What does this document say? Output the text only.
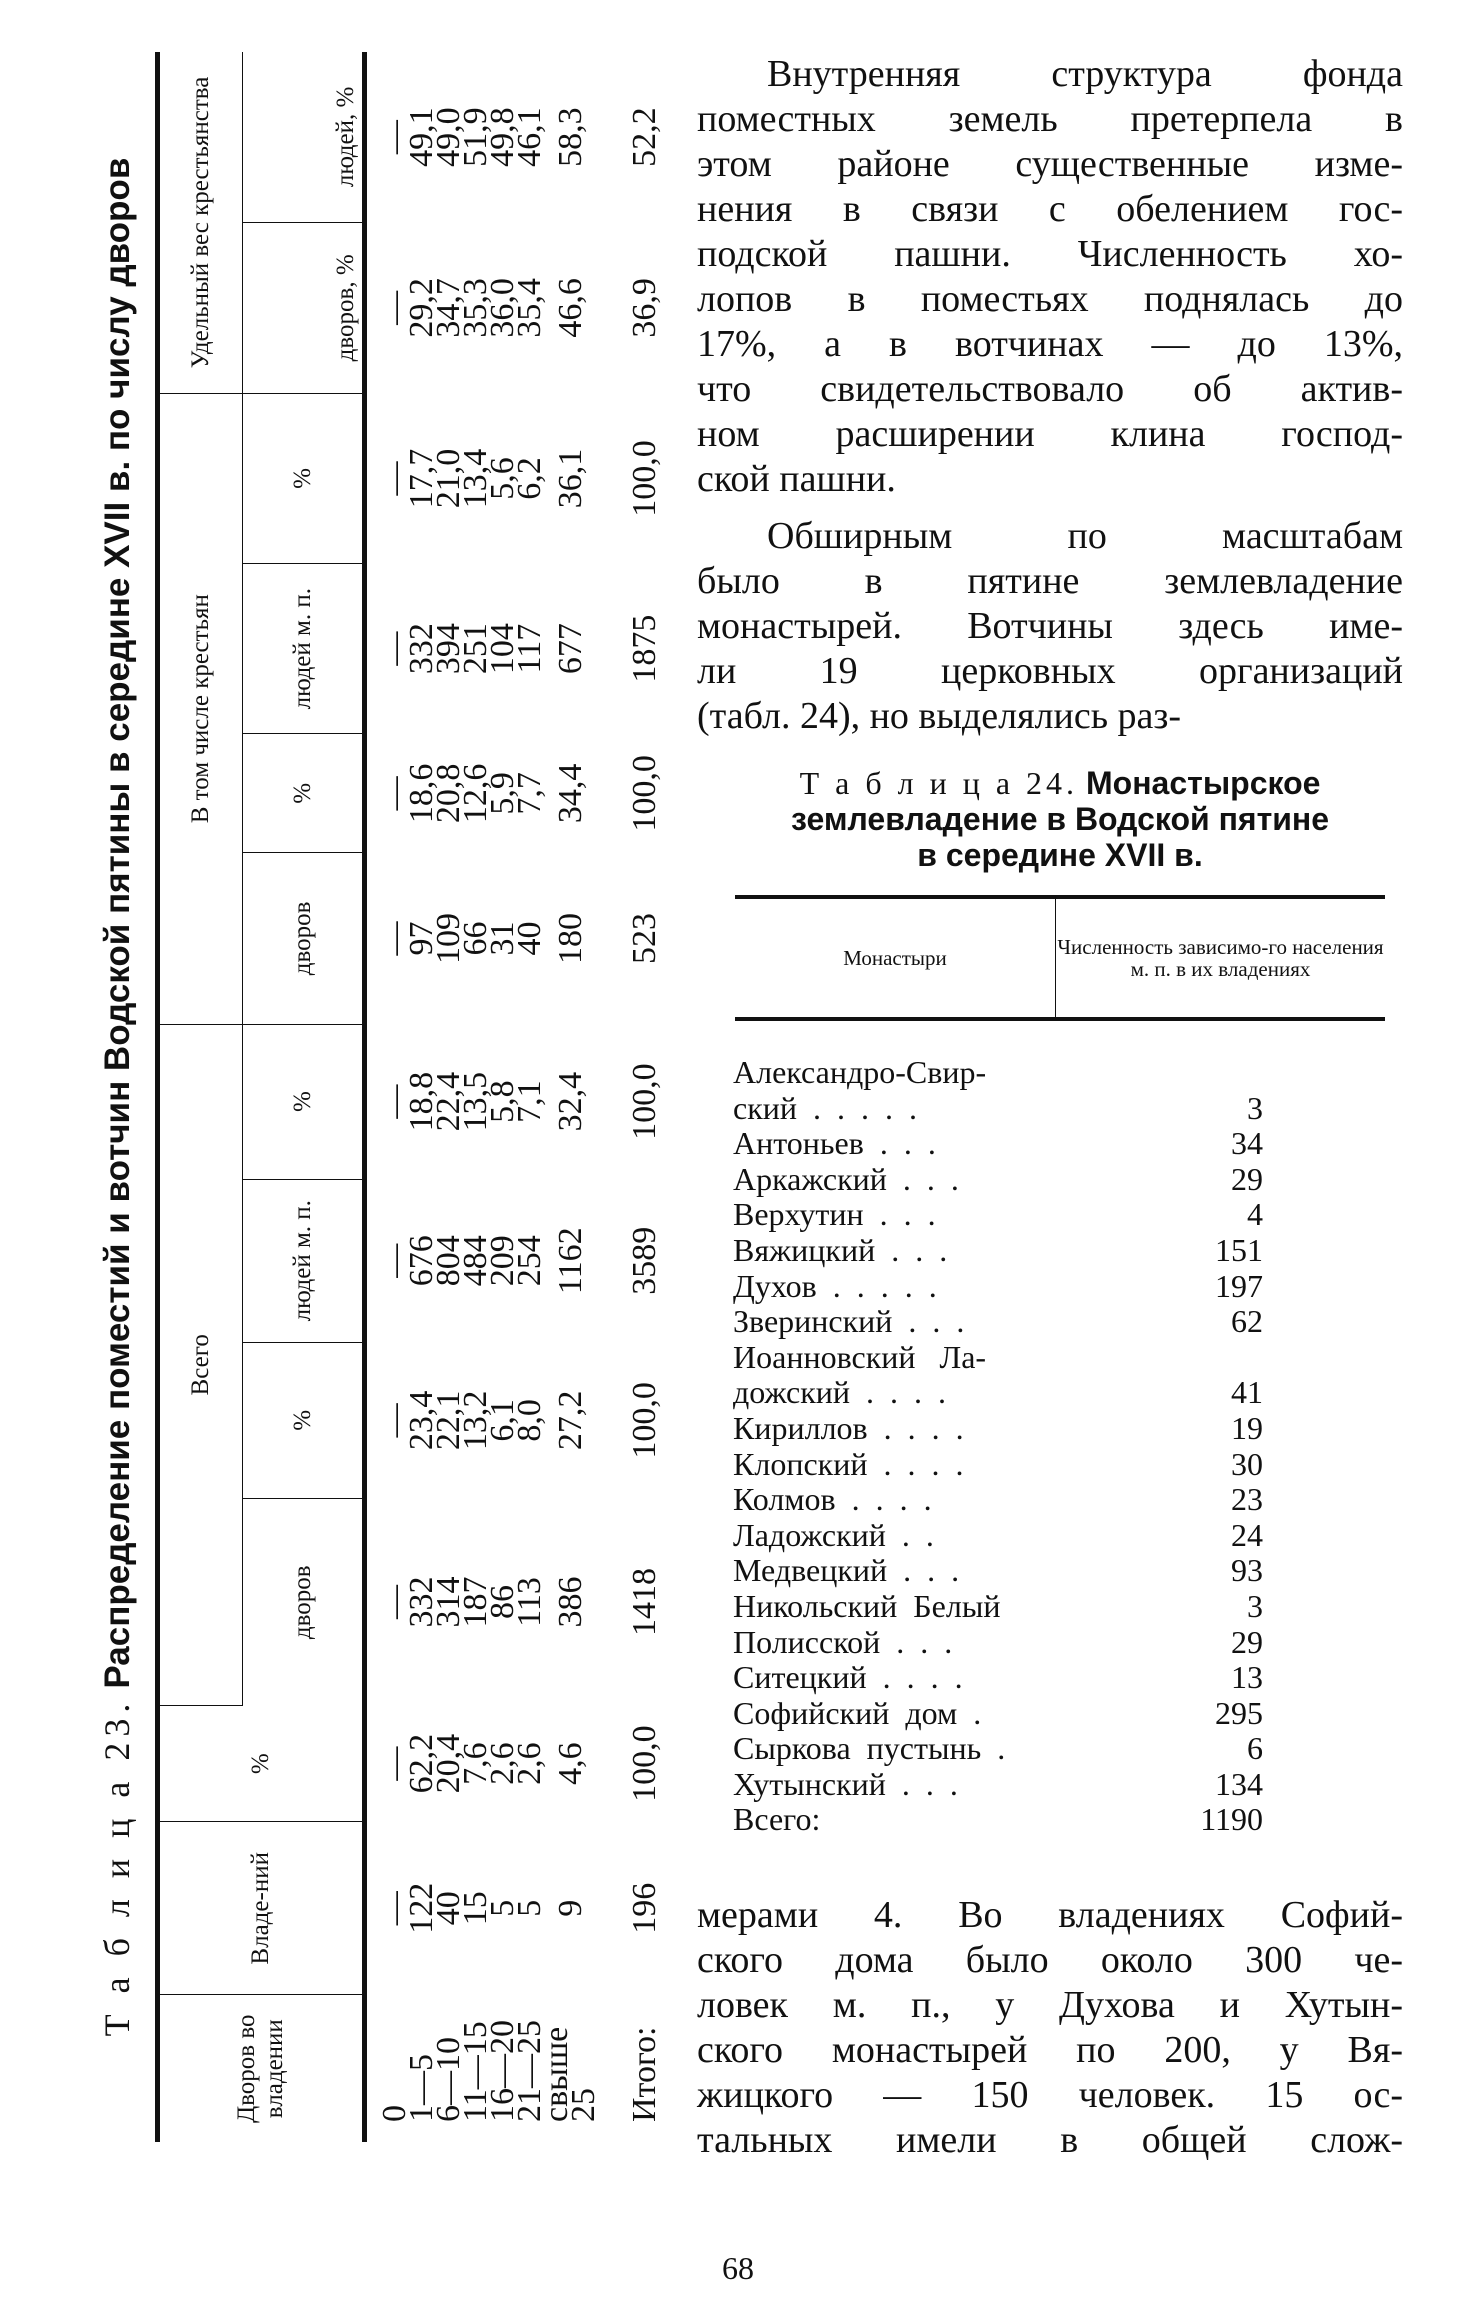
Т а б л и ц а 23. Распределение поместий и вотчин Водской пятины в середине XVII в. по числу дворов
Дворов во владении	Владе-ний	%	Всего				В том числе крестьян				Удельный вес крестьянства	
			дворов	%	людей м. п.	%	дворов	%	людей м. п.	%	дворов, %	людей, %
0	—	—	—	—	—	—	—	—	—	—	—	—
1—5	122	62,2	332	23,4	676	18,8	97	18,6	332	17,7	29,2	49,1
6—10	40	20,4	314	22,1	804	22,4	109	20,8	394	21,0	34,7	49,0
11—15	15	7,6	187	13,2	484	13,5	66	12,6	251	13,4	35,3	51,9
16—20	5	2,6	86	6,1	209	5,8	31	5,9	104	5,6	36,0	49,8
21—25	5	2,6	113	8,0	254	7,1	40	7,7	117	6,2	35,4	46,1
свыше 25	9	4,6	386	27,2	1162	32,4	180	34,4	677	36,1	46,6	58,3
Итого:	196	100,0	1418	100,0	3589	100,0	523	100,0	1875	100,0	36,9	52,2
Внутренняя структура фонда
поместных земель претерпела в
этом районе существенные изме-
нения в связи с обелением гос-
подской пашни. Численность хо-
лопов в поместьях поднялась до
17%, а в вотчинах — до 13%,
что свидетельствовало об актив-
ном расширении клина господ-
ской пашни.
Обширным по масштабам
было в пятине землевладение
монастырей. Вотчины здесь име-
ли 19 церковных организаций
(табл. 24), но выделялись раз-
Т а б л и ц а 24. Монастырское
землевладение в Водской пятине
в середине XVII в.
Монастыри	Численность зависимо-го населения м. п. в их владениях
Александро-Свир-
ский  .  .  .  .  .	3
Антоньев  .  .  .	34
Аркажский  .  .  .	29
Верхутин  .  .  .	4
Вяжицкий  .  .  .	151
Духов  .  .  .  .  .	197
Зверинский  .  .  .	62
Иоанновский   Ла-
дожский  .  .  .  .	41
Кириллов  .  .  .  .	19
Клопский  .  .  .  .	30
Колмов  .  .  .  .	23
Ладожский  .  .	24
Медвецкий  .  .  .	93
Никольский  Белый	3
Полисской  .  .  .	29
Ситецкий  .  .  .  .	13
Софийский  дом  .	295
Сыркова  пустынь  .	6
Хутынский  .  .  .	134
Всего:	1190
мерами 4. Во владениях Софий-
ского дома было около 300 че-
ловек м. п., у Духова и Хутын-
ского монастырей по 200, у Вя-
жицкого — 150 человек. 15 ос-
тальных имели в общей слож-
68
